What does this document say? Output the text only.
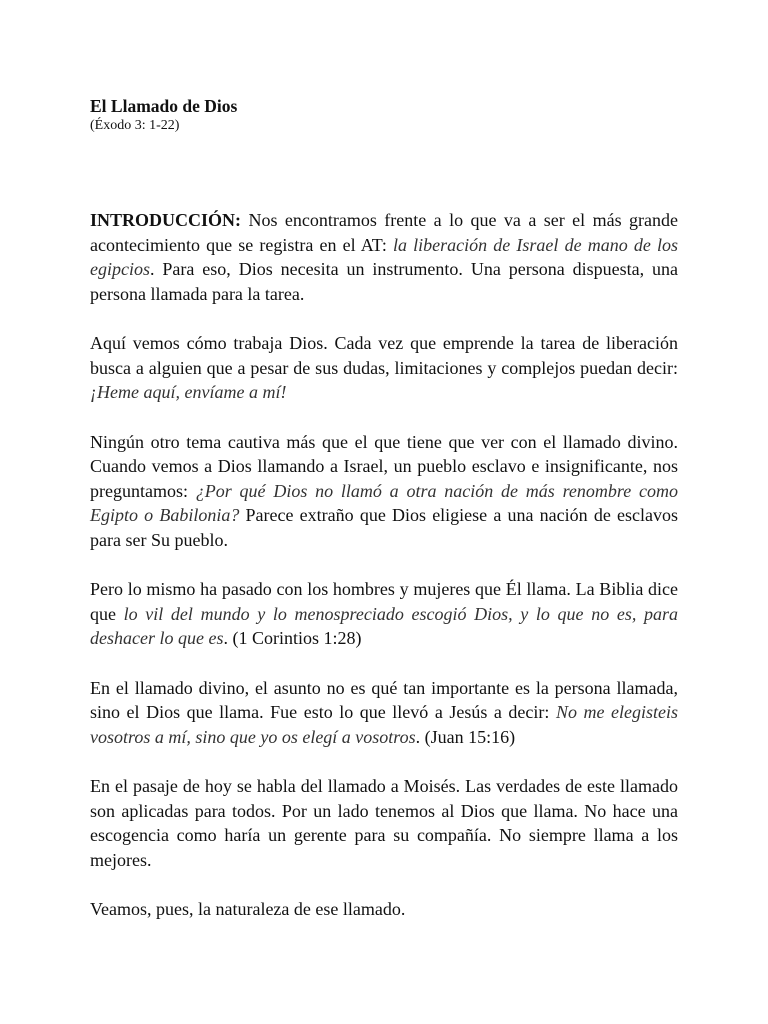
El Llamado de Dios

(Éxodo 3: 1-22)

INTRODUCCIÓN: Nos encontramos frente a lo que va a ser el más grande acontecimiento que se registra en el AT: la liberación de Israel de mano de los egipcios. Para eso, Dios necesita un instrumento. Una persona dispuesta, una persona llamada para la tarea.

Aquí vemos cómo trabaja Dios. Cada vez que emprende la tarea de liberación busca a alguien que a pesar de sus dudas, limitaciones y complejos puedan decir: ¡Heme aquí, envíame a mí!

Ningún otro tema cautiva más que el que tiene que ver con el llamado divino. Cuando vemos a Dios llamando a Israel, un pueblo esclavo e insignificante, nos preguntamos: ¿Por qué Dios no llamó a otra nación de más renombre como Egipto o Babilonia? Parece extraño que Dios eligiese a una nación de esclavos para ser Su pueblo.

Pero lo mismo ha pasado con los hombres y mujeres que Él llama. La Biblia dice que lo vil del mundo y lo menospreciado escogió Dios, y lo que no es, para deshacer lo que es. (1 Corintios 1:28)

En el llamado divino, el asunto no es qué tan importante es la persona llamada, sino el Dios que llama. Fue esto lo que llevó a Jesús a decir: No me elegisteis vosotros a mí, sino que yo os elegí a vosotros. (Juan 15:16)

En el pasaje de hoy se habla del llamado a Moisés. Las verdades de este llamado son aplicadas para todos. Por un lado tenemos al Dios que llama. No hace una escogencia como haría un gerente para su compañía. No siempre llama a los mejores.

Veamos, pues, la naturaleza de ese llamado.
